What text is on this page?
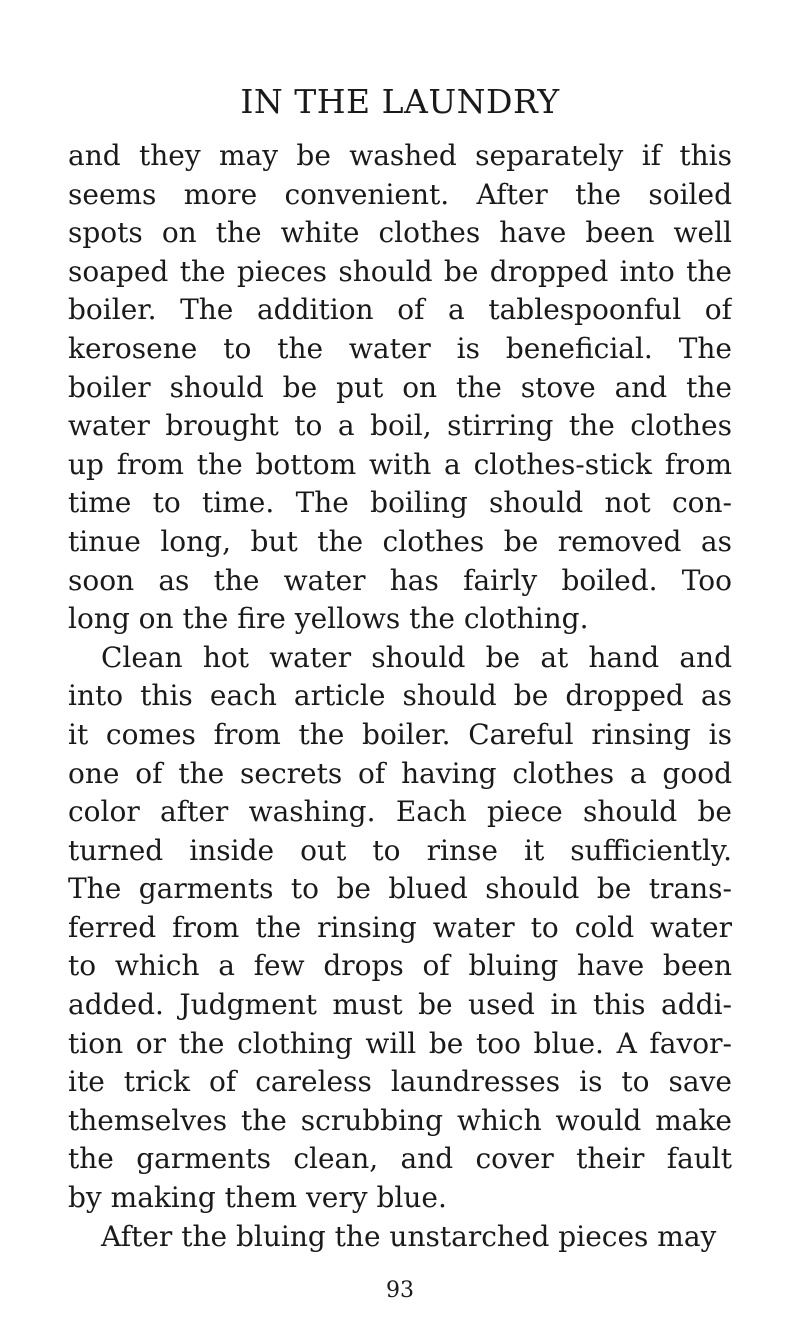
IN THE LAUNDRY
and they may be washed separately if this
seems more convenient. After the soiled
spots on the white clothes have been well
soaped the pieces should be dropped into the
boiler. The addition of a tablespoonful of
kerosene to the water is beneficial. The
boiler should be put on the stove and the
water brought to a boil, stirring the clothes
up from the bottom with a clothes-stick from
time to time. The boiling should not con-
tinue long, but the clothes be removed as
soon as the water has fairly boiled. Too
long on the fire yellows the clothing.
Clean hot water should be at hand and
into this each article should be dropped as
it comes from the boiler. Careful rinsing is
one of the secrets of having clothes a good
color after washing. Each piece should be
turned inside out to rinse it sufficiently.
The garments to be blued should be trans-
ferred from the rinsing water to cold water
to which a few drops of bluing have been
added. Judgment must be used in this addi-
tion or the clothing will be too blue. A favor-
ite trick of careless laundresses is to save
themselves the scrubbing which would make
the garments clean, and cover their fault
by making them very blue.
After the bluing the unstarched pieces may
93
